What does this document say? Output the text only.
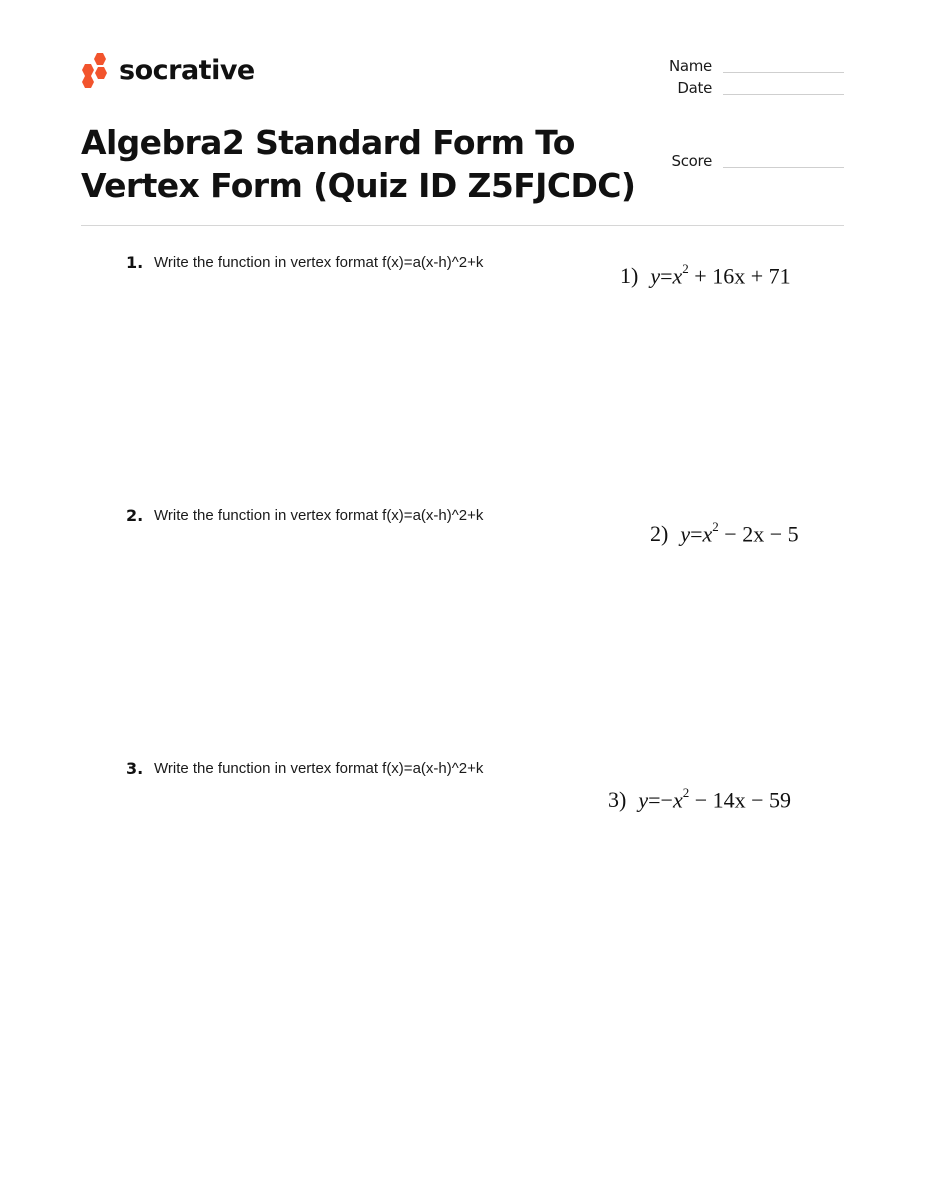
socrative	Name
Date
Score
Algebra2 Standard Form To Vertex Form (Quiz ID Z5FJCDC)
1. Write the function in vertex format f(x)=a(x-h)^2+k
1) $y=x^2 + 16x + 71$
2. Write the function in vertex format f(x)=a(x-h)^2+k
2) $y=x^2 - 2x - 5$
3. Write the function in vertex format f(x)=a(x-h)^2+k
3) $y=-x^2 - 14x - 59$
